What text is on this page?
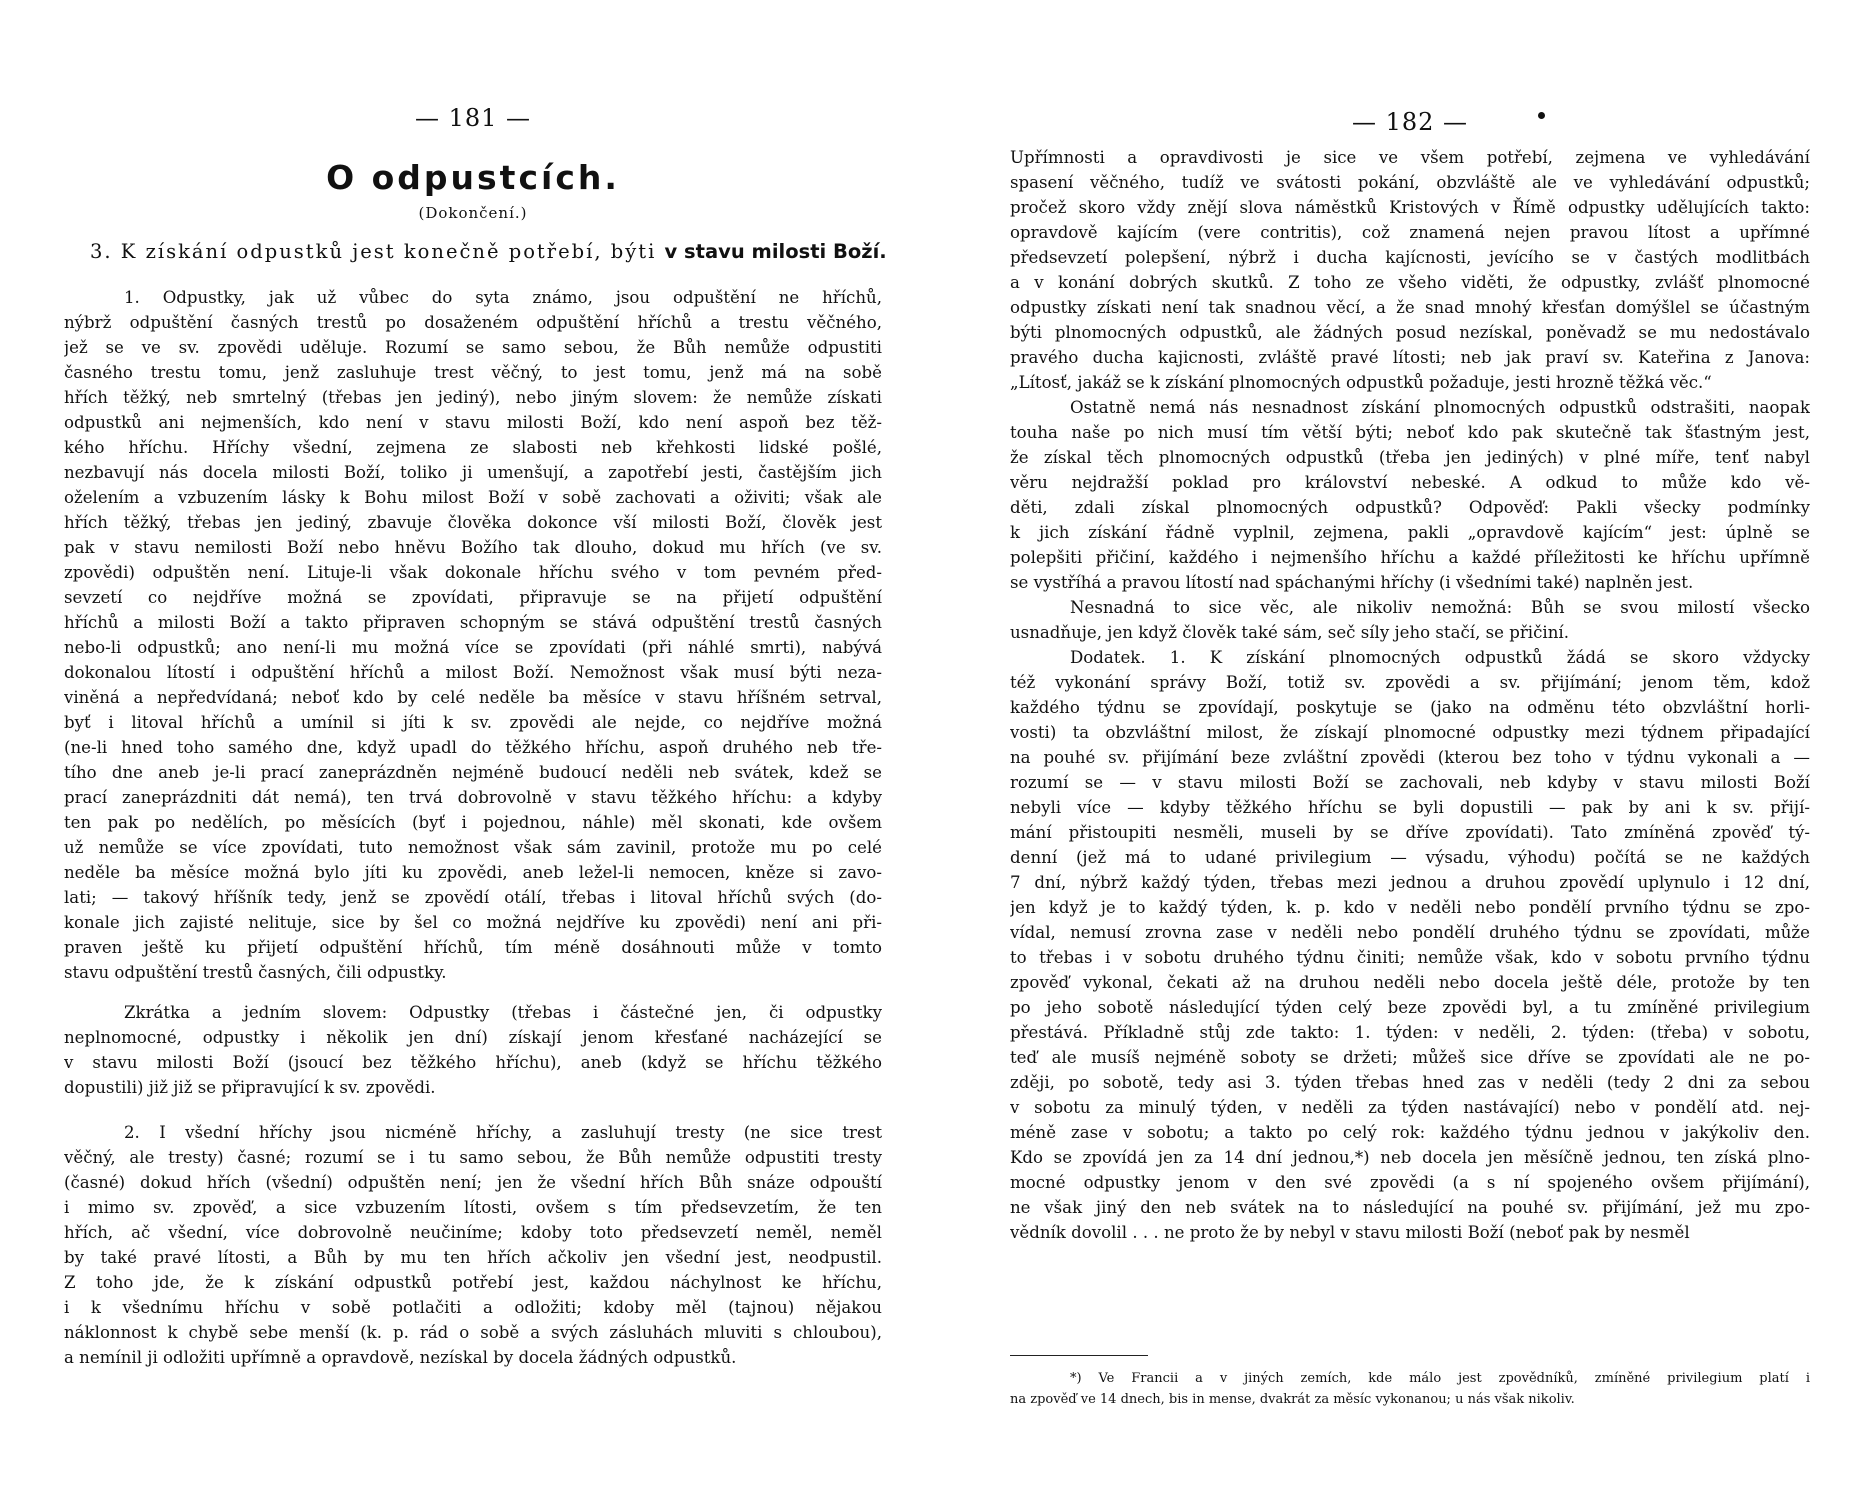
— 181 —
O odpustcích.
(Dokončení.)
3. K získání odpustků jest konečně potřebí, býti v stavu milosti Boží.
1. Odpustky, jak už vůbec do syta známo, jsou odpuštění ne hříchů,
nýbrž odpuštění časných trestů po dosaženém odpuštění hříchů a trestu věčného,
jež se ve sv. zpovědi uděluje. Rozumí se samo sebou, že Bůh nemůže odpustiti
časného trestu tomu, jenž zasluhuje trest věčný, to jest tomu, jenž má na sobě
hřích těžký, neb smrtelný (třebas jen jediný), nebo jiným slovem: že nemůže získati
odpustků ani nejmenších, kdo není v stavu milosti Boží, kdo není aspoň bez těž-
kého hříchu. Hříchy všední, zejmena ze slabosti neb křehkosti lidské pošlé,
nezbavují nás docela milosti Boží, toliko ji umenšují, a zapotřebí jesti, častějším jich
oželením a vzbuzením lásky k Bohu milost Boží v sobě zachovati a oživiti; však ale
hřích těžký, třebas jen jediný, zbavuje člověka dokonce vší milosti Boží, člověk jest
pak v stavu nemilosti Boží nebo hněvu Božího tak dlouho, dokud mu hřích (ve sv.
zpovědi) odpuštěn není. Lituje-li však dokonale hříchu svého v tom pevném před-
sevzetí co nejdříve možná se zpovídati, připravuje se na přijetí odpuštění
hříchů a milosti Boží a takto připraven schopným se stává odpuštění trestů časných
nebo-li odpustků; ano není-li mu možná více se zpovídati (při náhlé smrti), nabývá
dokonalou lítostí i odpuštění hříchů a milost Boží. Nemožnost však musí býti neza-
viněná a nepředvídaná; neboť kdo by celé neděle ba měsíce v stavu hříšném setrval,
byť i litoval hříchů a umínil si jíti k sv. zpovědi ale nejde, co nejdříve možná
(ne-li hned toho samého dne, když upadl do těžkého hříchu, aspoň druhého neb tře-
tího dne aneb je-li prací zaneprázdněn nejméně budoucí neděli neb svátek, kdež se
prací zaneprázdniti dát nemá), ten trvá dobrovolně v stavu těžkého hříchu: a kdyby
ten pak po nedělích, po měsících (byť i pojednou, náhle) měl skonati, kde ovšem
už nemůže se více zpovídati, tuto nemožnost však sám zavinil, protože mu po celé
neděle ba měsíce možná bylo jíti ku zpovědi, aneb ležel-li nemocen, kněze si zavo-
lati; — takový hříšník tedy, jenž se zpovědí otálí, třebas i litoval hříchů svých (do-
konale jich zajisté nelituje, sice by šel co možná nejdříve ku zpovědi) není ani při-
praven ještě ku přijetí odpuštění hříchů, tím méně dosáhnouti může v tomto
stavu odpuštění trestů časných, čili odpustky.
Zkrátka a jedním slovem: Odpustky (třebas i částečné jen, či odpustky
neplnomocné, odpustky i několik jen dní) získají jenom křesťané nacházející se
v stavu milosti Boží (jsoucí bez těžkého hříchu), aneb (když se hříchu těžkého
dopustili) již již se připravující k sv. zpovědi.
2. I všední hříchy jsou nicméně hříchy, a zasluhují tresty (ne sice trest
věčný, ale tresty) časné; rozumí se i tu samo sebou, že Bůh nemůže odpustiti tresty
(časné) dokud hřích (všední) odpuštěn není; jen že všední hřích Bůh snáze odpouští
i mimo sv. zpověď, a sice vzbuzením lítosti, ovšem s tím předsevzetím, že ten
hřích, ač všední, více dobrovolně neučiníme; kdoby toto předsevzetí neměl, neměl
by také pravé lítosti, a Bůh by mu ten hřích ačkoliv jen všední jest, neodpustil.
Z toho jde, že k získání odpustků potřebí jest, každou náchylnost ke hříchu,
i k všednímu hříchu v sobě potlačiti a odložiti; kdoby měl (tajnou) nějakou
náklonnost k chybě sebe menší (k. p. rád o sobě a svých zásluhách mluviti s chloubou),
a nemínil ji odložiti upřímně a opravdově, nezískal by docela žádných odpustků.
— 182 —
Upřímnosti a opravdivosti je sice ve všem potřebí, zejmena ve vyhledávání
spasení věčného, tudíž ve svátosti pokání, obzvláště ale ve vyhledávání odpustků;
pročež skoro vždy znějí slova náměstků Kristových v Římě odpustky udělujících takto:
opravdově kajícím (vere contritis), což znamená nejen pravou lítost a upřímné
předsevzetí polepšení, nýbrž i ducha kajícnosti, jevícího se v častých modlitbách
a v konání dobrých skutků. Z toho ze všeho viděti, že odpustky, zvlášť plnomocné
odpustky získati není tak snadnou věcí, a že snad mnohý křesťan domýšlel se účastným
býti plnomocných odpustků, ale žádných posud nezískal, poněvadž se mu nedostávalo
pravého ducha kajicnosti, zvláště pravé lítosti; neb jak praví sv. Kateřina z Janova:
„Lítosť, jakáž se k získání plnomocných odpustků požaduje, jesti hrozně těžká věc.“
Ostatně nemá nás nesnadnost získání plnomocných odpustků odstrašiti, naopak
touha naše po nich musí tím větší býti; neboť kdo pak skutečně tak šťastným jest,
že získal těch plnomocných odpustků (třeba jen jediných) v plné míře, tenť nabyl
věru nejdražší poklad pro království nebeské. A odkud to může kdo vě-
děti, zdali získal plnomocných odpustků? Odpověď: Pakli všecky podmínky
k jich získání řádně vyplnil, zejmena, pakli „opravdově kajícím“ jest: úplně se
polepšiti přičiní, každého i nejmenšího hříchu a každé příležitosti ke hříchu upřímně
se vystříhá a pravou lítostí nad spáchanými hříchy (i všedními také) naplněn jest.
Nesnadná to sice věc, ale nikoliv nemožná: Bůh se svou milostí všecko
usnadňuje, jen když člověk také sám, seč síly jeho stačí, se přičiní.
Dodatek. 1. K získání plnomocných odpustků žádá se skoro vždycky
též vykonání správy Boží, totiž sv. zpovědi a sv. přijímání; jenom těm, kdož
každého týdnu se zpovídají, poskytuje se (jako na odměnu této obzvláštní horli-
vosti) ta obzvláštní milost, že získají plnomocné odpustky mezi týdnem připadající
na pouhé sv. přijímání beze zvláštní zpovědi (kterou bez toho v týdnu vykonali a —
rozumí se — v stavu milosti Boží se zachovali, neb kdyby v stavu milosti Boží
nebyli více — kdyby těžkého hříchu se byli dopustili — pak by ani k sv. přijí-
mání přistoupiti nesměli, museli by se dříve zpovídati). Tato zmíněná zpověď tý-
denní (jež má to udané privilegium — výsadu, výhodu) počítá se ne každých
7 dní, nýbrž každý týden, třebas mezi jednou a druhou zpovědí uplynulo i 12 dní,
jen když je to každý týden, k. p. kdo v neděli nebo pondělí prvního týdnu se zpo-
vídal, nemusí zrovna zase v neděli nebo pondělí druhého týdnu se zpovídati, může
to třebas i v sobotu druhého týdnu činiti; nemůže však, kdo v sobotu prvního týdnu
zpověď vykonal, čekati až na druhou neděli nebo docela ještě déle, protože by ten
po jeho sobotě následující týden celý beze zpovědi byl, a tu zmíněné privilegium
přestává. Příkladně stůj zde takto: 1. týden: v neděli, 2. týden: (třeba) v sobotu,
teď ale musíš nejméně soboty se držeti; můžeš sice dříve se zpovídati ale ne po-
zději, po sobotě, tedy asi 3. týden třebas hned zas v neděli (tedy 2 dni za sebou
v sobotu za minulý týden, v neděli za týden nastávající) nebo v pondělí atd. nej-
méně zase v sobotu; a takto po celý rok: každého týdnu jednou v jakýkoliv den.
Kdo se zpovídá jen za 14 dní jednou,*) neb docela jen měsíčně jednou, ten získá plno-
mocné odpustky jenom v den své zpovědi (a s ní spojeného ovšem přijímání),
ne však jiný den neb svátek na to následující na pouhé sv. přijímání, jež mu zpo-
vědník dovolil . . . ne proto že by nebyl v stavu milosti Boží (neboť pak by nesměl
*) Ve Francii a v jiných zemích, kde málo jest zpovědníků, zmíněné privilegium platí i
na zpověď ve 14 dnech, bis in mense, dvakrát za měsíc vykonanou; u nás však nikoliv.
